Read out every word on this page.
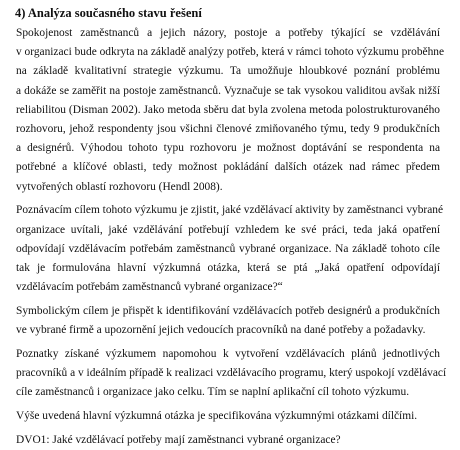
4) Analýza současného stavu řešení
Spokojenost zaměstnanců a jejich názory, postoje a potřeby týkající se vzdělávání
v organizaci bude odkryta na základě analýzy potřeb, která v rámci tohoto výzkumu proběhne
na základě kvalitativní strategie výzkumu. Ta umožňuje hloubkové poznání problému
a dokáže se zaměřit na postoje zaměstnanců. Vyznačuje se tak vysokou validitou avšak nižší
reliabilitou (Disman 2002). Jako metoda sběru dat byla zvolena metoda polostrukturovaného
rozhovoru, jehož respondenty jsou všichni členové zmiňovaného týmu, tedy 9 produkčních
a designérů. Výhodou tohoto typu rozhovoru je možnost doptávání se respondenta na
potřebné a klíčové oblasti, tedy možnost pokládání dalších otázek nad rámec předem
vytvořených oblastí rozhovoru (Hendl 2008).
Poznávacím cílem tohoto výzkumu je zjistit, jaké vzdělávací aktivity by zaměstnanci vybrané
organizace uvítali, jaké vzdělávání potřebují vzhledem ke své práci, teda jaká opatření
odpovídají vzdělávacím potřebám zaměstnanců vybrané organizace. Na základě tohoto cíle
tak je formulována hlavní výzkumná otázka, která se ptá „Jaká opatření odpovídají
vzdělávacím potřebám zaměstnanců vybrané organizace?“
Symbolickým cílem je přispět k identifikování vzdělávacích potřeb designérů a produkčních
ve vybrané firmě a upozornění jejich vedoucích pracovníků na dané potřeby a požadavky.
Poznatky získané výzkumem napomohou k vytvoření vzdělávacích plánů jednotlivých
pracovníků a v ideálním případě k realizaci vzdělávacího programu, který uspokojí vzdělávací
cíle zaměstnanců i organizace jako celku. Tím se naplní aplikační cíl tohoto výzkumu.
Výše uvedená hlavní výzkumná otázka je specifikována výzkumnými otázkami dílčími.
DVO1: Jaké vzdělávací potřeby mají zaměstnanci vybrané organizace?
